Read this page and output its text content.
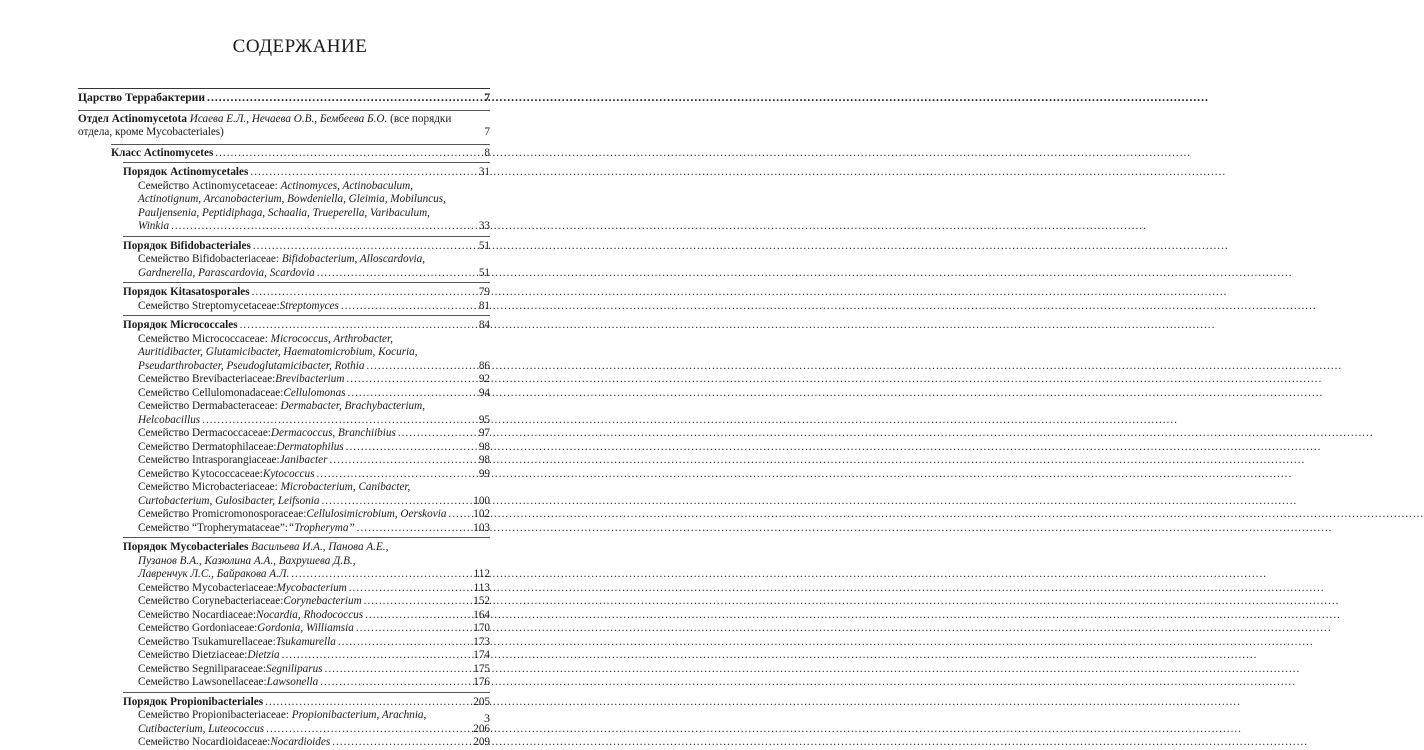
СОДЕРЖАНИЕ
Царство Террабактерии .....	7
Отдел Actinomycetota Исаева Е.Л., Нечаева О.В., Бембеева Б.О. (все порядки
отдела, кроме Mycobacteriales)	7
Класс Actinomycetes .....	8
Порядок Actinomycetales .....	31
Семейство Actinomycetaceae: Actinomyces, Actinobaculum,
Actinotignum, Arcanobacterium, Bowdeniella, Gleimia, Mobiluncus,
Pauljensenia, Peptidiphaga, Schaalia, Trueperella, Varibaculum,
Winkia .....	33
Порядок Bifidobacteriales .....	51
Семейство Bifidobacteriaceae: Bifidobacterium, Alloscardovia,
Gardnerella, Parascardovia, Scardovia .....	51
Порядок Kitasatosporales .....	79
Семейство Streptomycetaceae: Streptomyces .....	81
Порядок Micrococcales .....	84
Семейство Micrococcaceae: Micrococcus, Arthrobacter,
Auritidibacter, Glutamicibacter, Haematomicrobium, Kocuria,
Pseudarthrobacter, Pseudoglutamicibacter, Rothia .....	86
Семейство Brevibacteriaceae: Brevibacterium .....	92
Семейство Cellulomonadaceae: Cellulomonas .....	94
Семейство Dermabacteraceae: Dermabacter, Brachybacterium,
Helcobacillus .....	95
Семейство Dermacoccaceae: Dermacoccus, Branchiibius .....	97
Семейство Dermatophilaceae: Dermatophilus .....	98
Семейство Intrasporangiaceae: Janibacter .....	98
Семейство Kytococcaceae: Kytococcus .....	99
Семейство Microbacteriaceae: Microbacterium, Canibacter,
Curtobacterium, Gulosibacter, Leifsonia .....	100
Семейство Promicromonosporaceae: Cellulosimicrobium, Oerskovia .....	102
Семейство “Tropherymataceae”: “Tropheryma” .....	103
Порядок Mycobacteriales Васильева И.А., Панова А.Е.,
Пузанов В.А., Казюлина А.А., Вахрушева Д.В.,
Лавренчук Л.С., Байракова А.Л. .....	112
Семейство Mycobacteriaceae: Mycobacterium .....	113
Семейство Corynebacteriaceae: Corynebacterium .....	152
Семейство Nocardiaceae: Nocardia, Rhodococcus .....	164
Семейство Gordoniaceae: Gordonia, Williamsia .....	170
Семейство Tsukamurellaceae: Tsukamurella .....	173
Семейство Dietziaceae: Dietzia .....	174
Семейство Segniliparaceae: Segniliparus .....	175
Семейство Lawsonellaceae: Lawsonella .....	176
Порядок Propionibacteriales .....	205
Семейство Propionibacteriaceae: Propionibacterium, Arachnia,
Cutibacterium, Luteococcus .....	206
Семейство Nocardioidaceae: Nocardioides .....	209
3
